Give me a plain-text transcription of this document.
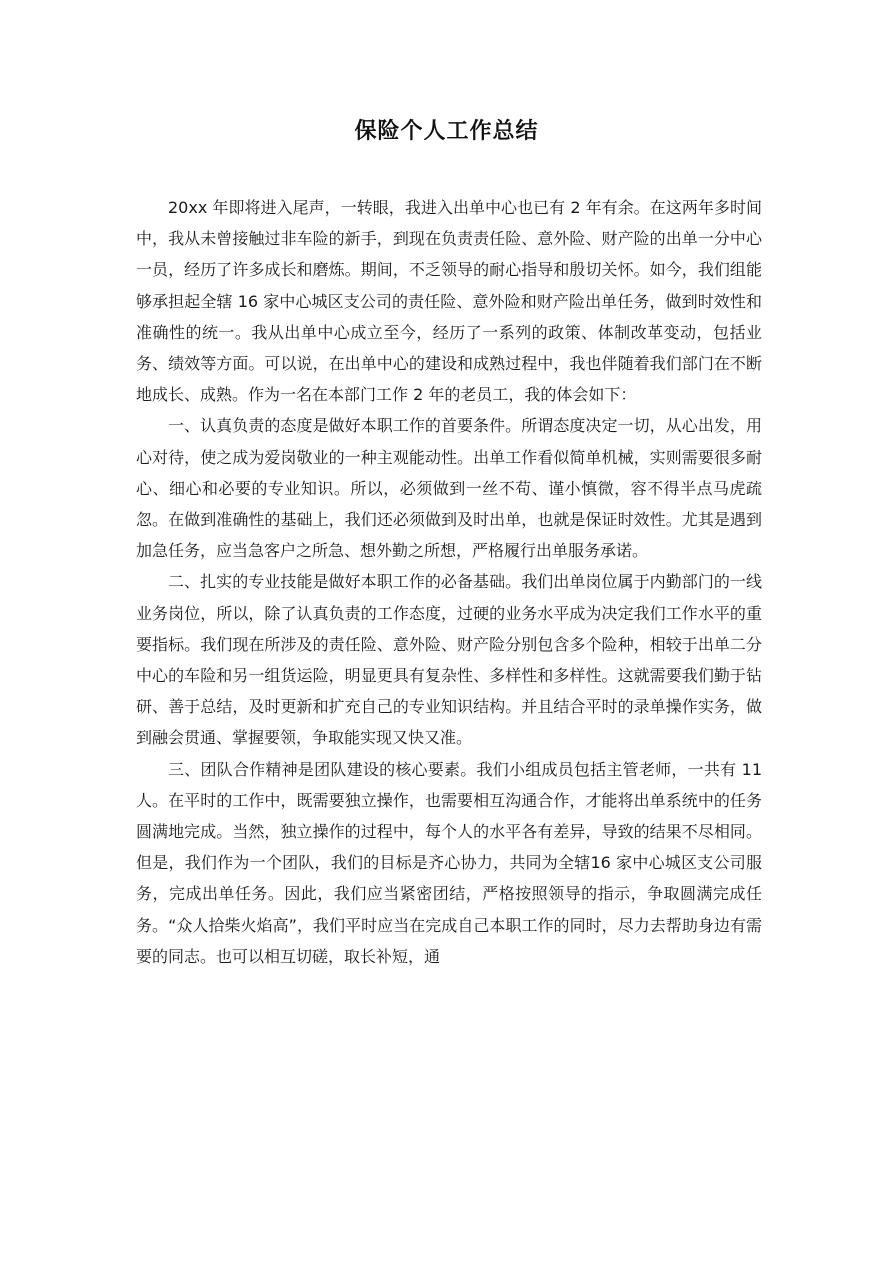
保险个人工作总结

20xx 年即将进入尾声，一转眼，我进入出单中心也已有 2 年有余。在这两年多时间中，我从未曾接触过非车险的新手，到现在负责责任险、意外险、财产险的出单一分中心一员，经历了许多成长和磨炼。期间，不乏领导的耐心指导和殷切关怀。如今，我们组能够承担起全辖 16 家中心城区支公司的责任险、意外险和财产险出单任务，做到时效性和准确性的统一。我从出单中心成立至今，经历了一系列的政策、体制改革变动，包括业务、绩效等方面。可以说，在出单中心的建设和成熟过程中，我也伴随着我们部门在不断地成长、成熟。作为一名在本部门工作 2 年的老员工，我的体会如下：

一、认真负责的态度是做好本职工作的首要条件。所谓态度决定一切，从心出发，用心对待，使之成为爱岗敬业的一种主观能动性。出单工作看似简单机械，实则需要很多耐心、细心和必要的专业知识。所以，必须做到一丝不苟、谨小慎微，容不得半点马虎疏忽。在做到准确性的基础上，我们还必须做到及时出单，也就是保证时效性。尤其是遇到加急任务，应当急客户之所急、想外勤之所想，严格履行出单服务承诺。

二、扎实的专业技能是做好本职工作的必备基础。我们出单岗位属于内勤部门的一线业务岗位，所以，除了认真负责的工作态度，过硬的业务水平成为决定我们工作水平的重要指标。我们现在所涉及的责任险、意外险、财产险分别包含多个险种，相较于出单二分中心的车险和另一组货运险，明显更具有复杂性、多样性和多样性。这就需要我们勤于钻研、善于总结，及时更新和扩充自己的专业知识结构。并且结合平时的录单操作实务，做到融会贯通、掌握要领，争取能实现又快又准。

三、团队合作精神是团队建设的核心要素。我们小组成员包括主管老师，一共有 11 人。在平时的工作中，既需要独立操作，也需要相互沟通合作，才能将出单系统中的任务圆满地完成。当然，独立操作的过程中，每个人的水平各有差异，导致的结果不尽相同。但是，我们作为一个团队，我们的目标是齐心协力，共同为全辖16 家中心城区支公司服务，完成出单任务。因此，我们应当紧密团结，严格按照领导的指示，争取圆满完成任务。“众人拾柴火焰高”，我们平时应当在完成自己本职工作的同时，尽力去帮助身边有需要的同志。也可以相互切磋，取长补短，通
